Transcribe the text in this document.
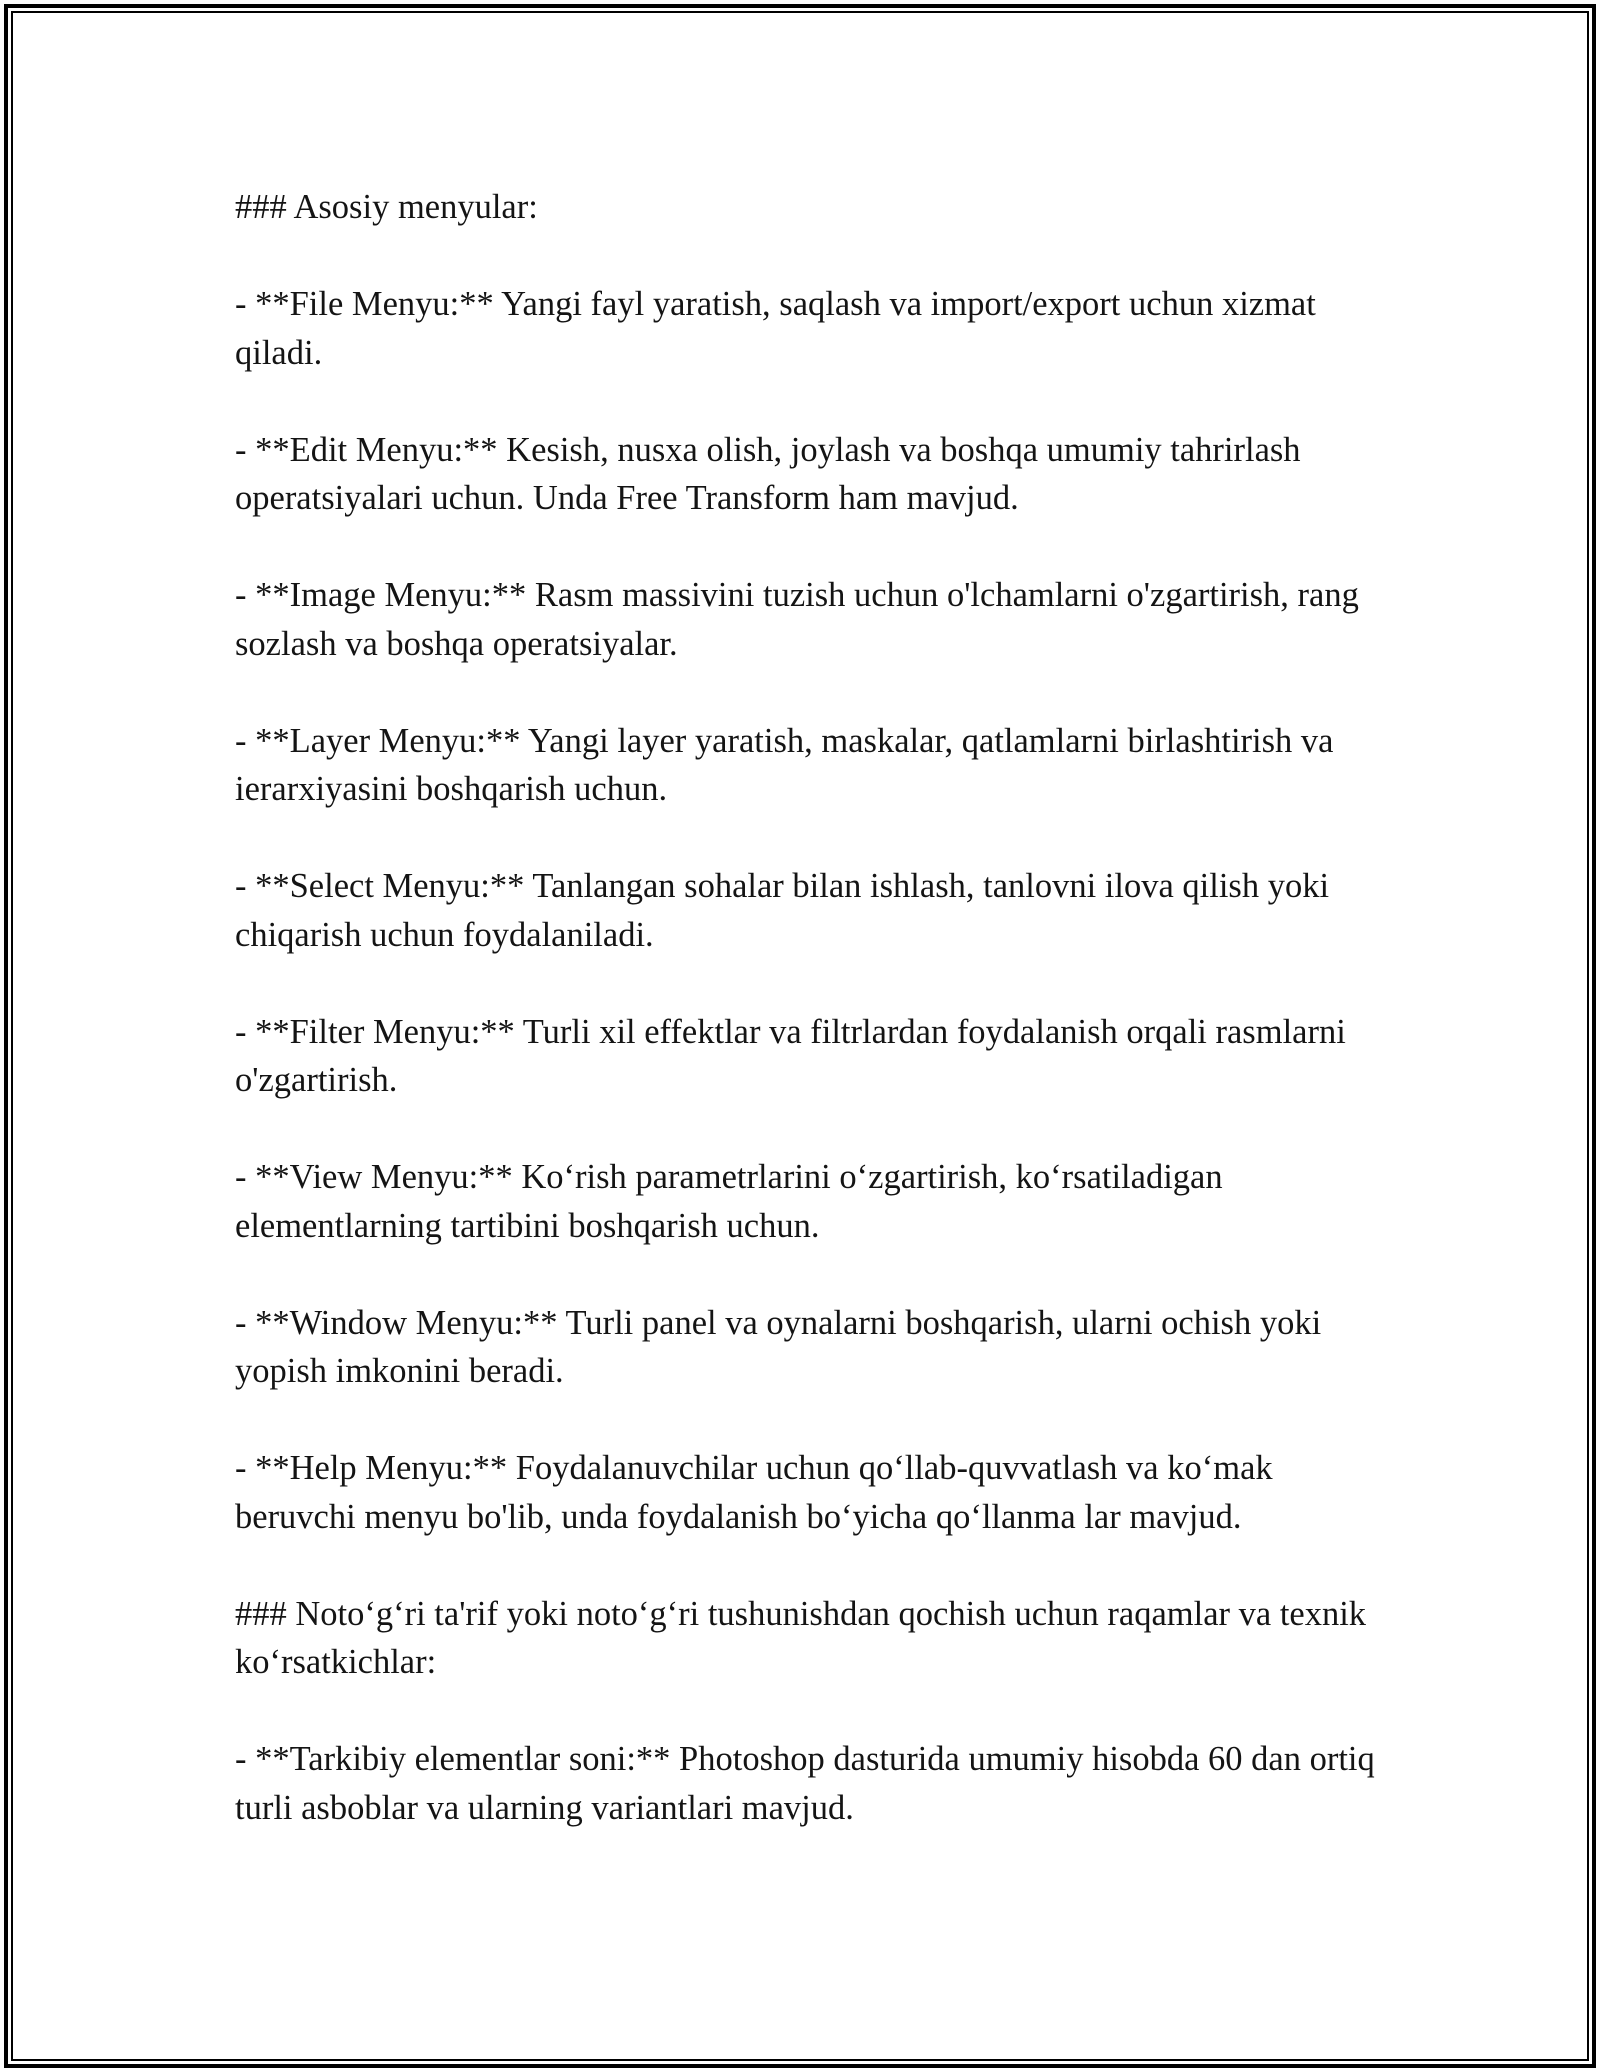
### Asosiy menyular:

- **File Menyu:** Yangi fayl yaratish, saqlash va import/export uchun xizmat qiladi.

- **Edit Menyu:** Kesish, nusxa olish, joylash va boshqa umumiy tahrirlash operatsiyalari uchun. Unda Free Transform ham mavjud.

- **Image Menyu:** Rasm massivini tuzish uchun o'lchamlarni o'zgartirish, rang sozlash va boshqa operatsiyalar.

- **Layer Menyu:** Yangi layer yaratish, maskalar, qatlamlarni birlashtirish va ierarxiyasini boshqarish uchun.

- **Select Menyu:** Tanlangan sohalar bilan ishlash, tanlovni ilova qilish yoki chiqarish uchun foydalaniladi.

- **Filter Menyu:** Turli xil effektlar va filtrlardan foydalanish orqali rasmlarni o'zgartirish.

- **View Menyu:** Koʻrish parametrlarini oʻzgartirish, koʻrsatiladigan elementlarning tartibini boshqarish uchun.

- **Window Menyu:** Turli panel va oynalarni boshqarish, ularni ochish yoki yopish imkonini beradi.

- **Help Menyu:** Foydalanuvchilar uchun qoʻllab-quvvatlash va koʻmak beruvchi menyu bo'lib, unda foydalanish boʻyicha qoʻllanma lar mavjud.

### Notoʻgʻri ta'rif yoki notoʻgʻri tushunishdan qochish uchun raqamlar va texnik koʻrsatkichlar:

- **Tarkibiy elementlar soni:** Photoshop dasturida umumiy hisobda 60 dan ortiq turli asboblar va ularning variantlari mavjud.
